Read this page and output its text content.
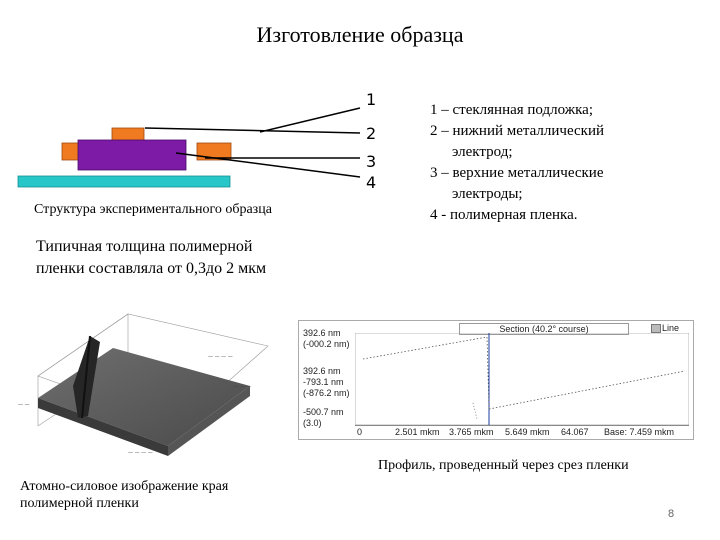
Изготовление образца
1
2
3
4
Структура экспериментального образца
1 – стеклянная подложка;
2 – нижний металлический
электрод;
3 – верхние металлические
электроды;
4 - полимерная пленка.
Типичная толщина полимерной
пленки составляла от 0,3до 2 мкм
— — — —
— — —
— — — —
— —
Атомно-силовое изображение края
полимерной пленки
Section (40.2° course)	Line
392.6 nm
(-000.2 nm)
392.6 nm
-793.1 nm
(-876.2 nm)
-500.7 nm
(3.0)
0	2.501 mkm 3.765 mkm 5.649 mkm 64.067 Base: 7.459 mkm
Профиль, проведенный через срез пленки
8
